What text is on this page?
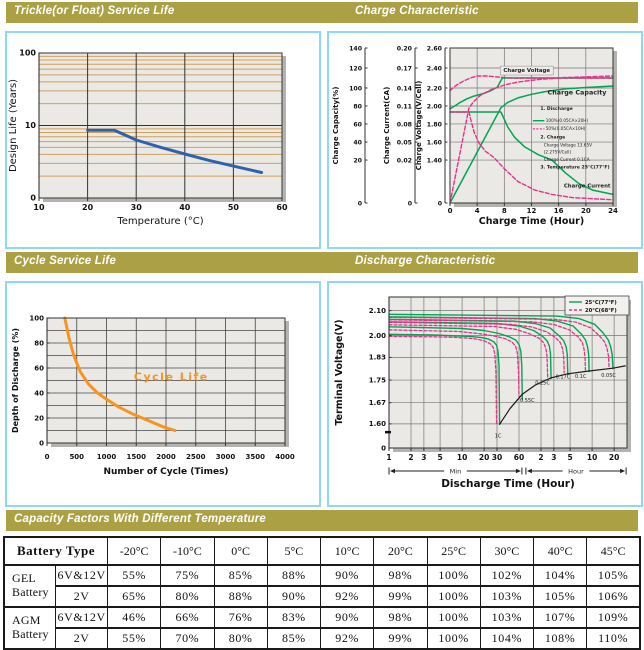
Trickle(or Float) Service Life	Charge Characteristic
100
10
0
Design Life (Years)
10	20	30	40	50	60
Temperature (°C)
0
20
40
60
80
100
120
140
Charge Capacity(%)
0
0.02
0.05
0.08
0.11
0.14
0.17
0.20
Charge Current(CA)
0
1.40
1.60
1.80
2.00
2.20
2.40
2.60
Charge Voltage(V/Cell)
0	4	8	12 16 20 24
Charge Voltage
Charge Capacity
Charge Current
1. Discharge
100%(0.05CA×20H)
50%(0.05CA×10H)
2. Charge
Charge Voltage 13.65V
(2.275V/Cell)
Charge Current 0.1CA
3. Temperature 25°C(77°F)
Charge Time (Hour)
Cycle Service Life	Discharge Characteristic
0
20
40
60
80
100
Depth of Discharge (%)
0	500 1000 1500 2000 2500 3000 3500 4000
Cycle Life
Number of Cycle (Times)
0
1.60
1.67
1.75
1.83
2.00
2.10
Terminal Voltage(V)
1 2 3 5 10 20 30 60 2 3 5 10 20
1C
0.55C
0.25C
0.17C 0.1C	0.05C
25°C(77°F)
20°C(68°F)
Min	Hour
Discharge Time (Hour)
Capacity Factors With Different Temperature
Battery Type		-20°C	-10°C	0°C	5°C	10°C	20°C	25°C	30°C	40°C	45°C

GEL
Battery	6V&12V	55%	75%	85%	88%	90%	98%	100%	102%	104%	105%
	2V	65%	80%	88%	90%	92%	99%	100%	103%	105%	106%

AGM
Battery	6V&12V	46%	66%	76%	83%	90%	98%	100%	103%	107%	109%
	2V	55%	70%	80%	85%	92%	99%	100%	104%	108%	110%
